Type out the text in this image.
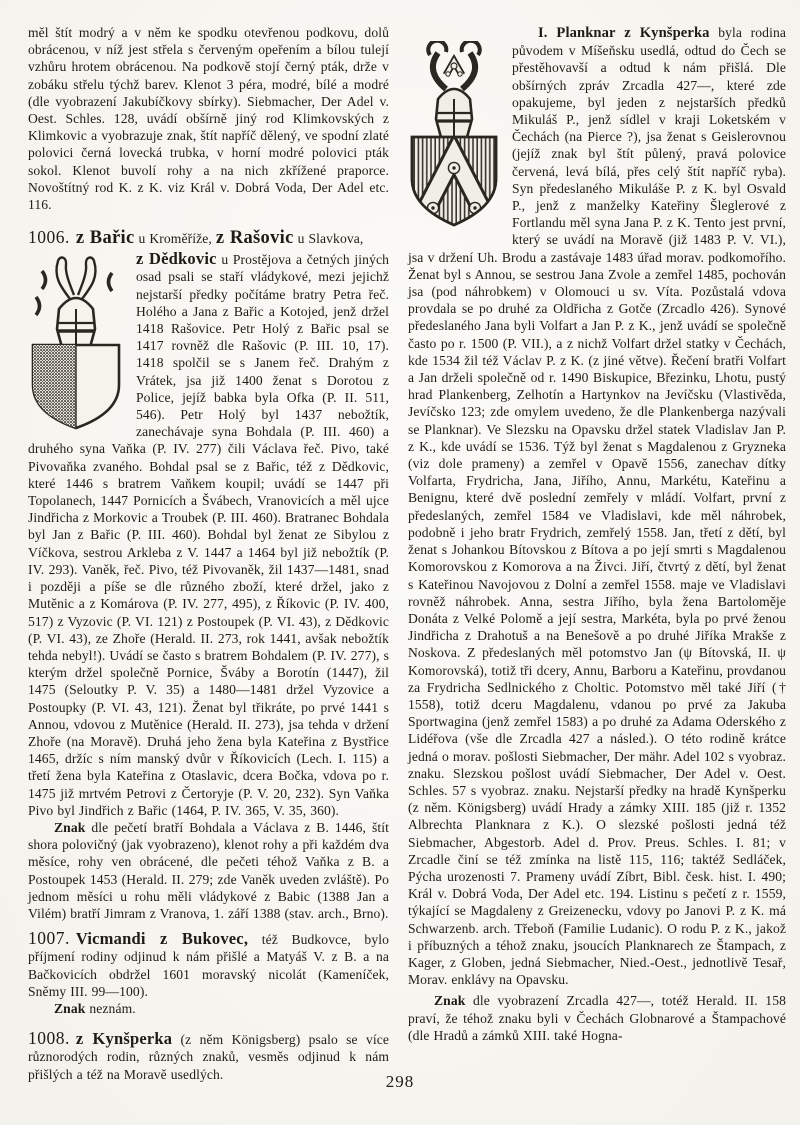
měl štít modrý a v něm ke spodku otevřenou podkovu, dolů obrácenou, v níž jest střela s červeným opeřením a bílou tulejí vzhůru hrotem obrácenou. Na podkově stojí černý pták, drže v zobáku střelu týchž barev. Klenot 3 péra, modré, bílé a modré (dle vyobrazení Jakubíčkovy sbírky). Siebmacher, Der Adel v. Oest. Schles. 128, uvádí obšírně jiný rod Klimkovských z Klimkovic a vyobrazuje znak, štít napříč dělený, ve spodní zlaté polovici černá lovecká trubka, v horní modré polovici pták sokol. Klenot buvolí rohy a na nich zkřížené praporce. Novoštítný rod K. z K. viz Král v. Dobrá Voda, Der Adel etc. 116.

1006. z Bařic u Kroměříže, z Rašovic u Slavkova,

z Dědkovic u Prostějova a četných jiných osad psali se staří vládykové, mezi jejichž nejstarší předky počítáme bratry Petra řeč. Holého a Jana z Bařic a Kotojed, jenž držel 1418 Rašovice. Petr Holý z Bařic psal se 1417 rovněž dle Rašovic (P. III. 10, 17). 1418 spolčil se s Janem řeč. Drahým z Vrátek, jsa již 1400 ženat s Dorotou z Police, jejíž babka byla Ofka (P. II. 511, 546). Petr Holý byl 1437 nebožtík, zanechávaje syna Bohdala (P. III. 460) a druhého syna Vaňka (P. IV. 277) čili Václava řeč. Pivo, také Pivovaňka zvaného. Bohdal psal se z Bařic, též z Dědkovic, které 1446 s bratrem Vaňkem koupil; uvádí se 1447 při Topolanech, 1447 Pornicích a Švábech, Vranovicích a měl ujce Jindřicha z Morkovic a Troubek (P. III. 460). Bratranec Bohdala byl Jan z Bařic (P. III. 460). Bohdal byl ženat ze Sibylou z Víčkova, sestrou Arkleba z V. 1447 a 1464 byl již nebožtík (P. IV. 293). Vaněk, řeč. Pivo, též Pivovaněk, žil 1437—1481, snad i později a píše se dle různého zboží, které držel, jako z Mutěnic a z Komárova (P. IV. 277, 495), z Říkovic (P. IV. 400, 517) z Vyzovic (P. VI. 121) z Postoupek (P. VI. 43), z Dědkovic (P. VI. 43), ze Zhoře (Herald. II. 273, rok 1441, avšak nebožtík tehda nebyl!). Uvádí se často s bratrem Bohdalem (P. IV. 277), s kterým držel společně Pornice, Šváby a Borotín (1447), žil 1475 (Seloutky P. V. 35) a 1480—1481 držel Vyzovice a Postoupky (P. VI. 43, 121). Ženat byl třikráte, po prvé 1441 s Annou, vdovou z Mutěnice (Herald. II. 273), jsa tehda v držení Zhoře (na Moravě). Druhá jeho žena byla Kateřina z Bystřice 1465, držíc s ním manský dvůr v Říkovicích (Lech. I. 115) a třetí žena byla Kateřina z Otaslavic, dcera Bočka, vdova po r. 1475 již mrtvém Petrovi z Čertoryje (P. V. 20, 232). Syn Vaňka Pivo byl Jindřich z Bařic (1464, P. IV. 365, V. 35, 360).

Znak dle pečetí bratří Bohdala a Václava z B. 1446, štít shora polovičný (jak vyobrazeno), klenot rohy a při každém dva měsíce, rohy ven obrácené, dle pečeti téhož Vaňka z B. a Postoupek 1453 (Herald. II. 279; zde Vaněk uveden zvláště). Po jednom měsíci u rohu měli vládykové z Babic (1388 Jan a Vilém) bratří Jimram z Vranova, 1. září 1388 (stav. arch., Brno).

1007. Vicmandi z Bukovec, též Budkovce, bylo příjmení rodiny odjinud k nám přišlé a Matyáš V. z B. a na Bačkovicích obdržel 1601 moravský nicolát (Kameníček, Sněmy III. 99—100).

Znak neznám.

1008. z Kynšperka (z něm Königsberg) psalo se více různorodých rodin, různých znaků, vesměs odjinud k nám přišlých a též na Moravě usedlých.

I. Planknar z Kynšperka byla rodina původem v Míšeňsku usedlá, odtud do Čech se přestěhovavší a odtud k nám přišlá. Dle obšírných zpráv Zrcadla 427—, které zde opakujeme, byl jeden z nejstarších předků Mikuláš P., jenž sídlel v kraji Loketském v Čechách (na Pierce ?), jsa ženat s Geislerovnou (jejíž znak byl štít půlený, pravá polovice červená, levá bílá, přes celý štít napříč ryba). Syn předeslaného Mikuláše P. z K. byl Osvald P., jenž z manželky Kateřiny Šleglerové z Fortlandu měl syna Jana P. z K. Tento jest první, který se uvádí na Moravě (již 1483 P. V. VI.), jsa v držení Uh. Brodu a zastávaje 1483 úřad morav. podkomořího. Ženat byl s Annou, se sestrou Jana Zvole a zemřel 1485, pochován jsa (pod náhrobkem) v Olomouci u sv. Víta. Pozůstalá vdova provdala se po druhé za Oldřicha z Gotče (Zrcadlo 426). Synové předeslaného Jana byli Volfart a Jan P. z K., jenž uvádí se společně často po r. 1500 (P. VII.), a z nichž Volfart držel statky v Čechách, kde 1534 žil též Václav P. z K. (z jiné větve). Řečení bratři Volfart a Jan drželi společně od r. 1490 Biskupice, Březinku, Lhotu, pustý hrad Plankenberg, Zelhotín a Hartynkov na Jevíčsku (Vlastivěda, Jevíčsko 123; zde omylem uvedeno, že dle Plankenberga nazývali se Planknar). Ve Slezsku na Opavsku držel statek Vladislav Jan P. z K., kde uvádí se 1536. Týž byl ženat s Magdalenou z Gryzneka (viz dole prameny) a zemřel v Opavě 1556, zanechav dítky Volfarta, Frydricha, Jana, Jiřího, Annu, Markétu, Kateřinu a Benignu, které dvě poslední zemřely v mládí. Volfart, první z předeslaných, zemřel 1584 ve Vladislavi, kde měl náhrobek, podobně i jeho bratr Frydrich, zemřelý 1558. Jan, třetí z dětí, byl ženat s Johankou Bítovskou z Bítova a po její smrti s Magdalenou Komorovskou z Komorova a na Živci. Jiří, čtvrtý z dětí, byl ženat s Kateřinou Navojovou z Dolní a zemřel 1558. maje ve Vladislavi rovněž náhrobek. Anna, sestra Jiřího, byla žena Bartoloměje Donáta z Velké Polomě a její sestra, Markéta, byla po prvé ženou Jindřicha z Drahotuš a na Benešově a po druhé Jiříka Mrakše z Noskova. Z předeslaných měl potomstvo Jan (ψ Bítovská, II. ψ Komorovská), totiž tři dcery, Annu, Barboru a Kateřinu, provdanou za Frydricha Sedlnického z Choltic. Potomstvo měl také Jiří († 1558), totiž dceru Magdalenu, vdanou po prvé za Jakuba Sportwagina (jenž zemřel 1583) a po druhé za Adama Oderského z Lidéřova (vše dle Zrcadla 427 a násled.). O této rodině krátce jedná o morav. pošlosti Siebmacher, Der mähr. Adel 102 s vyobraz. znaku. Slezskou pošlost uvádí Siebmacher, Der Adel v. Oest. Schles. 57 s vyobraz. znaku. Nejstarší předky na hradě Kynšperku (z něm. Königsberg) uvádí Hrady a zámky XIII. 185 (již r. 1352 Albrechta Planknara z K.). O slezské pošlosti jedná též Siebmacher, Abgestorb. Adel d. Prov. Preus. Schles. I. 81; v Zrcadle činí se též zmínka na listě 115, 116; taktéž Sedláček, Pýcha urozenosti 7. Prameny uvádí Zíbrt, Bibl. česk. hist. I. 490; Král v. Dobrá Voda, Der Adel etc. 194. Listinu s pečetí z r. 1559, týkající se Magdaleny z Greizenecku, vdovy po Janovi P. z K. má Schwarzenb. arch. Třeboň (Familie Ludanic). O rodu P. z K., jakož i příbuzných a téhož znaku, jsoucích Planknarech ze Štampach, z Kager, z Globen, jedná Siebmacher, Nied.-Oest., jednotlivě Tesař, Morav. enklávy na Opavsku.

Znak dle vyobrazení Zrcadla 427—, totéž Herald. II. 158 praví, že téhož znaku byli v Čechách Globnarové a Štampachové (dle Hradů a zámků XIII. také Hogna-

298
